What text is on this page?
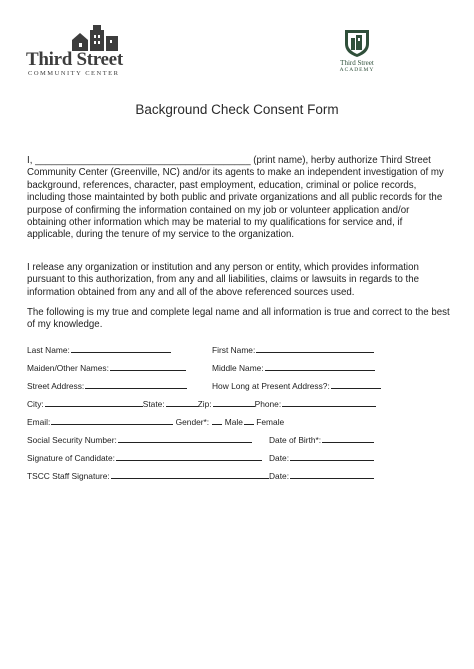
Third Street
COMMUNITY CENTER
Third Street
ACADEMY
Background Check Consent Form
I, ________________________________________ (print name), herby authorize Third Street Community Center (Greenville, NC) and/or its agents to make an independent investigation of my background, references, character, past employment, education, criminal or police records, including those maintainted by both public and private organizations and all public records for the purpose of confirming the information contained on my job or volunteer application and/or obtaining other information which may be material to my qualifications for service and, if applicable, during the tenure of my service to the organization.
I release any organization or institution and any person or entity, which provides information pursuant to this authorization, from any and all liabilities, claims or lawsuits in regards to the information obtained from any and all of the above referenced sources used.
The following is my true and complete legal name and all information is true and correct to the best of my knowledge.
Last Name:	First Name:
Maiden/Other Names:	Middle Name:
Street Address:	How Long at Present Address?:
City:	State:	Zip:	Phone:
Email:	Gender*: Male Female
Social Security Number:	Date of Birth*:
Signature of Candidate:	Date:
TSCC Staff Signature:	Date:
